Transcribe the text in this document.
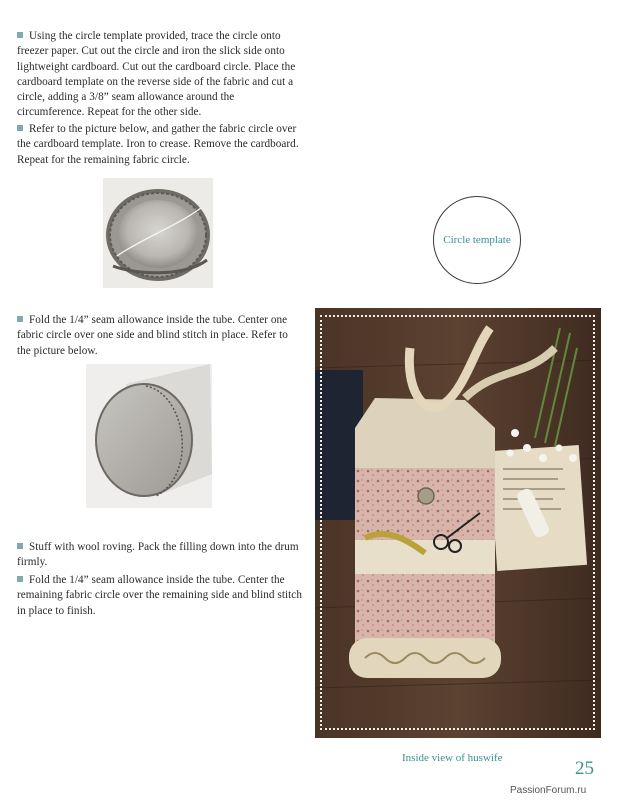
Using the circle template provided, trace the circle onto freezer paper. Cut out the circle and iron the slick side onto lightweight cardboard. Cut out the cardboard circle. Place the cardboard template on the reverse side of the fabric and cut a circle, adding a 3/8” seam allowance around the circumference. Repeat for the other side.

Refer to the picture below, and gather the fabric circle over the cardboard template. Iron to crease. Remove the cardboard. Repeat for the remaining fabric circle.

Fold the 1/4” seam allowance inside the tube. Center one fabric circle over one side and blind stitch in place. Refer to the picture below.

Stuff with wool roving. Pack the filling down into the drum firmly.

Fold the 1/4” seam allowance inside the tube. Center the remaining fabric circle over the remaining side and blind stitch in place to finish.

Circle template
Inside view of huswife	25
PassionForum.ru
